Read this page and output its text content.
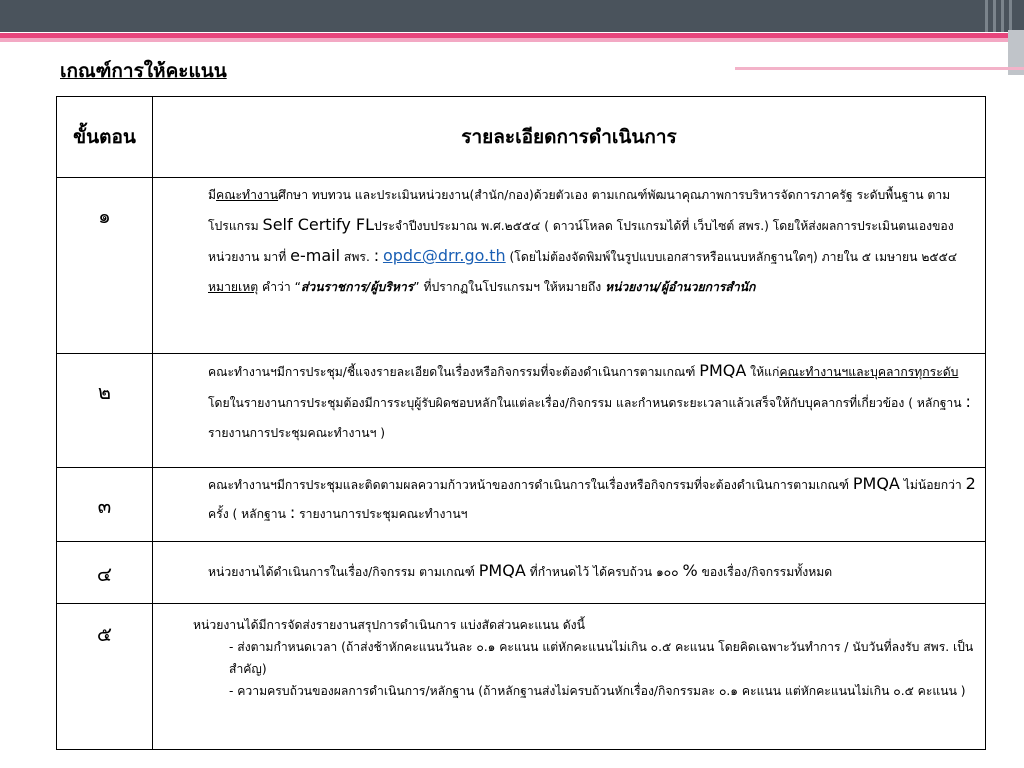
เกณฑ์การให้คะแนน
ขั้นตอน	รายละเอียดการดำเนินการ
๑	มีคณะทำงานศึกษา ทบทวน และประเมินหน่วยงาน(สำนัก/กอง)ด้วยตัวเอง ตามเกณฑ์พัฒนาคุณภาพการบริหารจัดการภาครัฐ ระดับพื้นฐาน ตามโปรแกรม Self Certify FLประจำปีงบประมาณ พ.ศ.๒๕๕๔ ( ดาวน์โหลด โปรแกรมได้ที่ เว็บไซต์ สพร.) โดยให้ส่งผลการประเมินตนเองของหน่วยงาน มาที่ e-mail สพร. : opdc@drr.go.th (โดยไม่ต้องจัดพิมพ์ในรูปแบบเอกสารหรือแนบหลักฐานใดๆ) ภายใน ๕ เมษายน ๒๕๕๔
หมายเหตุ คำว่า “ส่วนราชการ/ผู้บริหาร” ที่ปรากฏในโปรแกรมฯ ให้หมายถึง หน่วยงาน/ผู้อำนวยการสำนัก
๒	คณะทำงานฯมีการประชุม/ชี้แจงรายละเอียดในเรื่องหรือกิจกรรมที่จะต้องดำเนินการตามเกณฑ์ PMQA ให้แก่คณะทำงานฯและบุคลากรทุกระดับ โดยในรายงานการประชุมต้องมีการระบุผู้รับผิดชอบหลักในแต่ละเรื่อง/กิจกรรม และกำหนดระยะเวลาแล้วเสร็จให้กับบุคลากรที่เกี่ยวข้อง ( หลักฐาน : รายงานการประชุมคณะทำงานฯ )
๓	คณะทำงานฯมีการประชุมและติดตามผลความก้าวหน้าของการดำเนินการในเรื่องหรือกิจกรรมที่จะต้องดำเนินการตามเกณฑ์ PMQA ไม่น้อยกว่า 2 ครั้ง ( หลักฐาน : รายงานการประชุมคณะทำงานฯ
๔	หน่วยงานได้ดำเนินการในเรื่อง/กิจกรรม ตามเกณฑ์ PMQA ที่กำหนดไว้ ได้ครบถ้วน ๑๐๐ % ของเรื่อง/กิจกรรมทั้งหมด
๕	หน่วยงานได้มีการจัดส่งรายงานสรุปการดำเนินการ แบ่งสัดส่วนคะแนน ดังนี้
- ส่งตามกำหนดเวลา (ถ้าส่งช้าหักคะแนนวันละ ๐.๑ คะแนน แต่หักคะแนนไม่เกิน ๐.๕ คะแนน โดยคิดเฉพาะวันทำการ / นับวันที่ลงรับ สพร. เป็นสำคัญ)
- ความครบถ้วนของผลการดำเนินการ/หลักฐาน (ถ้าหลักฐานส่งไม่ครบถ้วนหักเรื่อง/กิจกรรมละ ๐.๑ คะแนน แต่หักคะแนนไม่เกิน ๐.๕ คะแนน )
